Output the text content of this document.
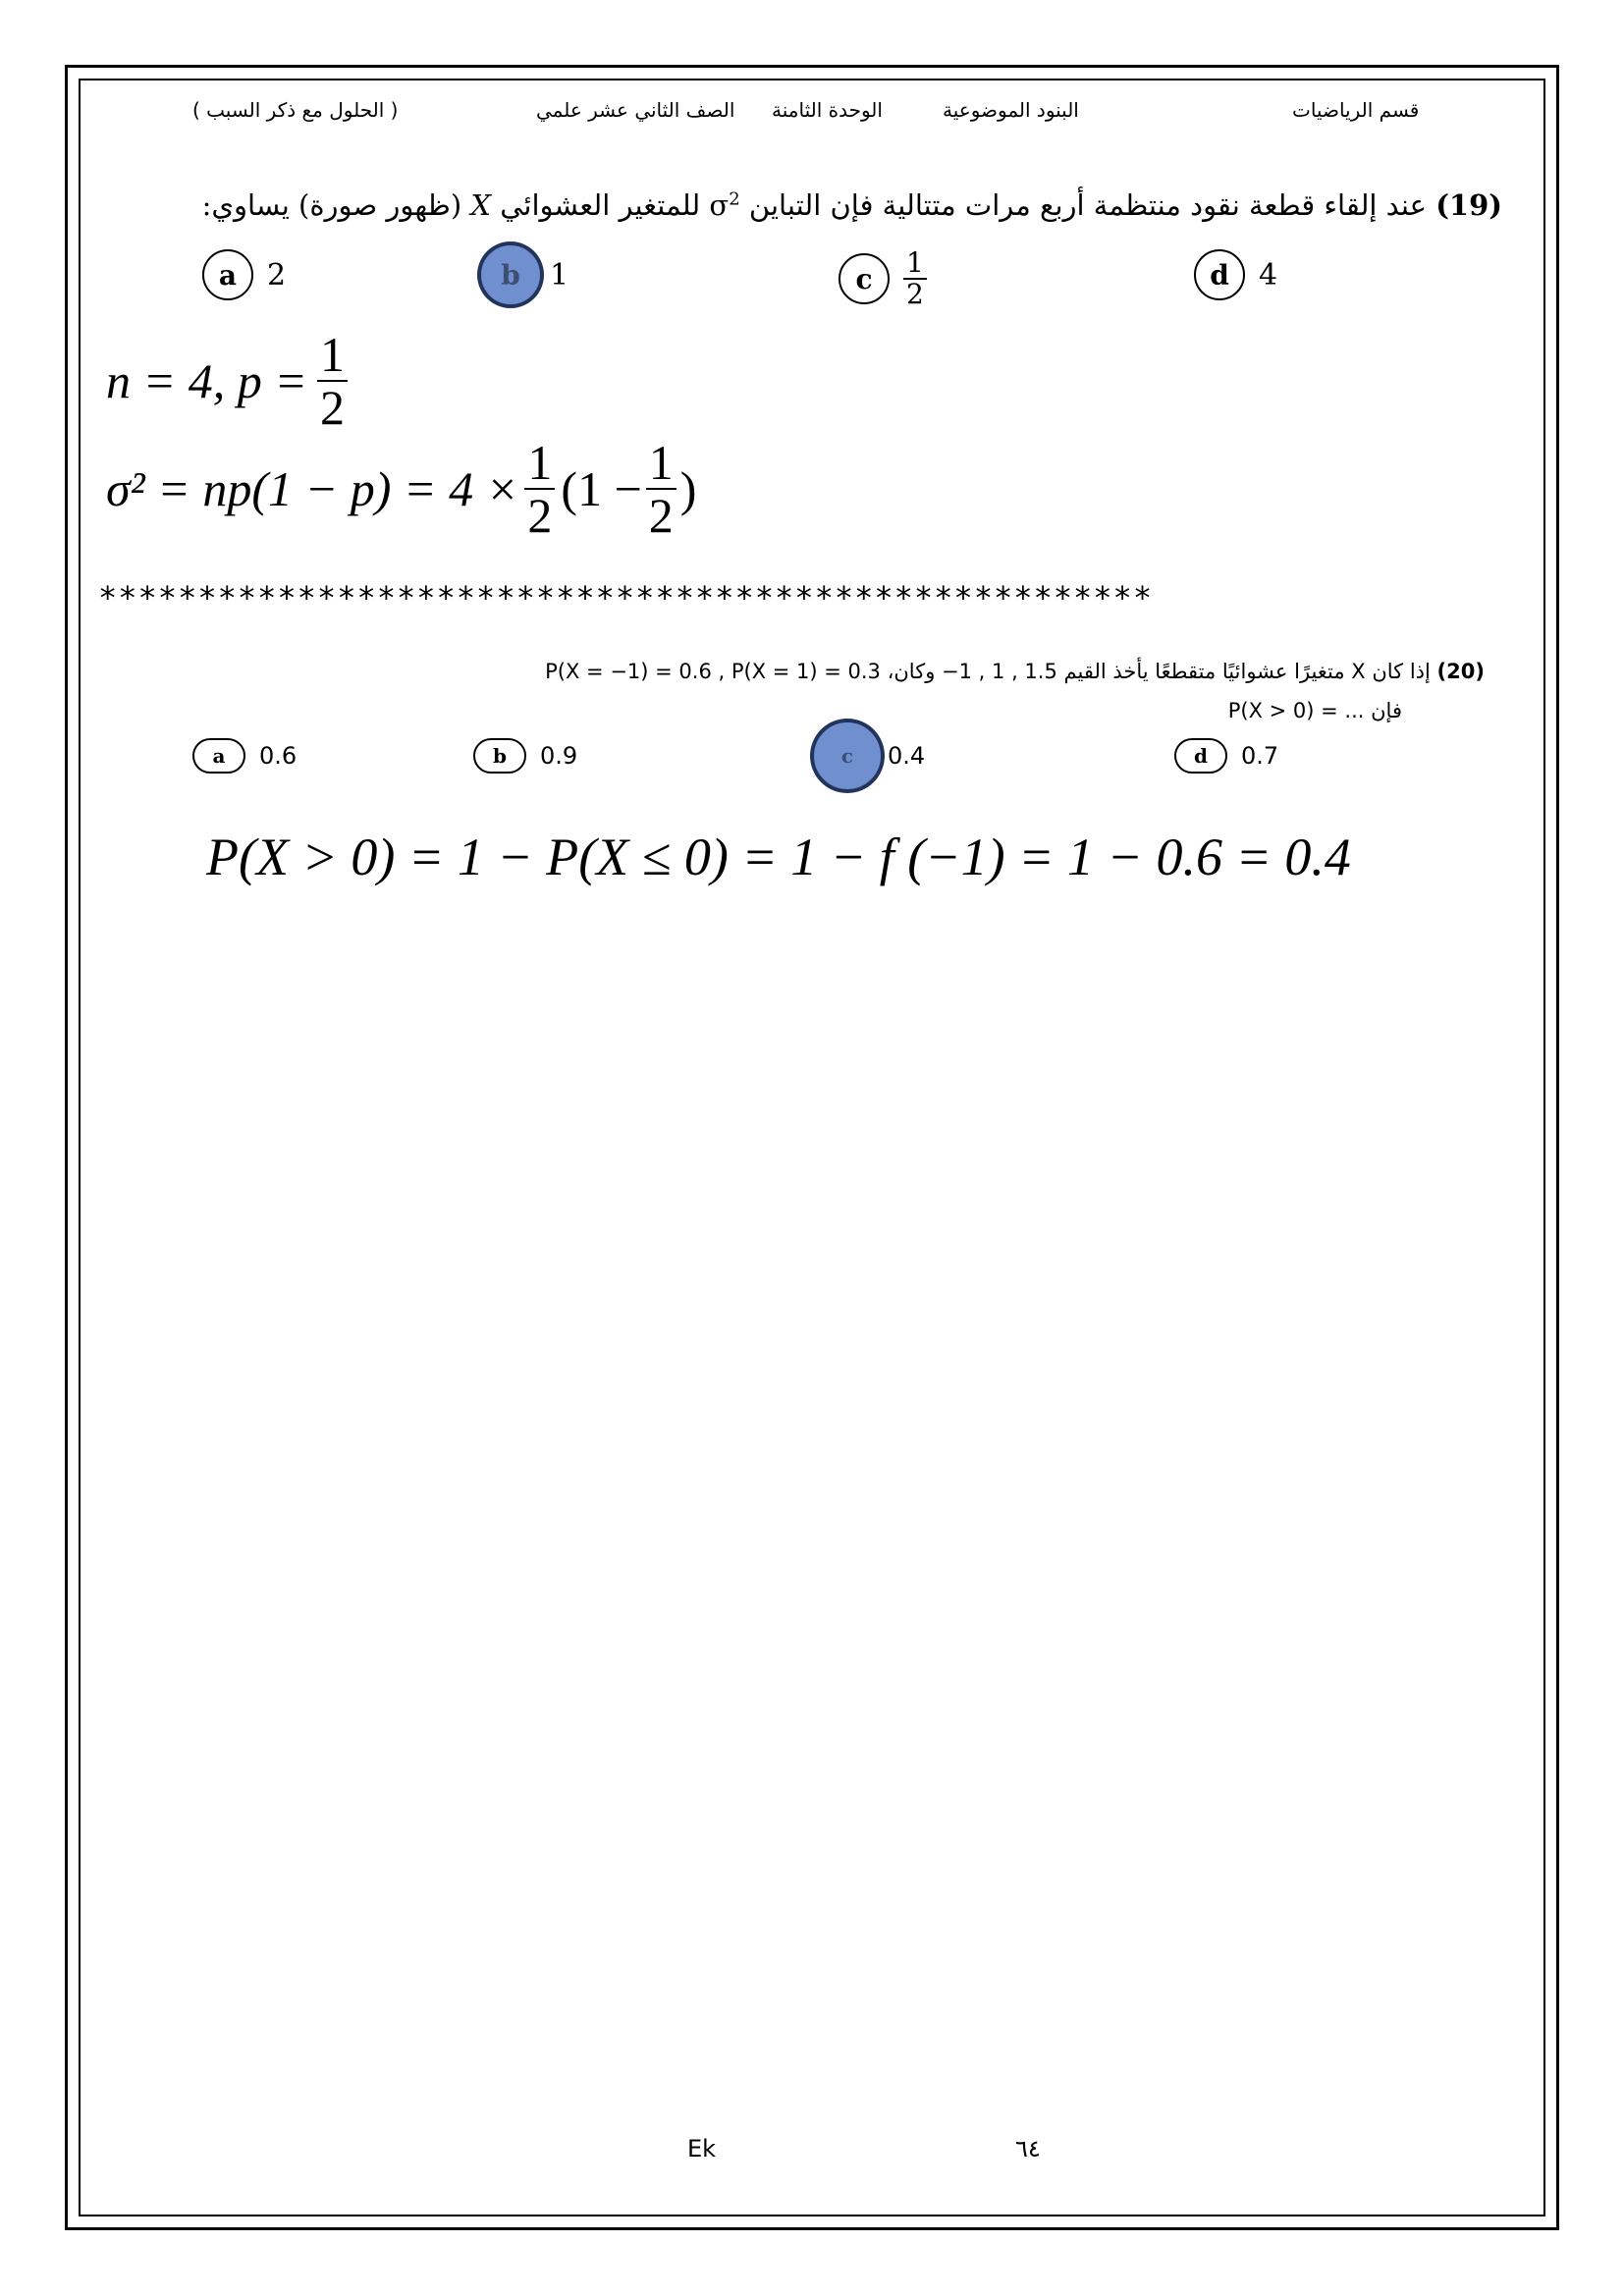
قسم الرياضيات
البنود الموضوعية
الوحدة الثامنة
الصف الثاني عشر علمي
( الحلول مع ذكر السبب )
(19) عند إلقاء قطعة نقود منتظمة أربع مرات متتالية فإن التباين $\sigma^2$ للمتغير العشوائي X (ظهور صورة) يساوي:
a	2	b	1	c	$\frac{1}{2}$	d	4
n = 4, $p = \frac{1}{2}$
$\sigma^2 = np(1 - p) = 4 \times \frac{1}{2} (1 - \frac{1}{2}$ )
*****************************************************
(20) إذا كان X متغيرًا عشوائيًا متقطعًا يأخذ القيم 1.5 , 1 , 1− وكان، P(X = −1) = 0.6 , P(X = 1) = 0.3
فإن ... = P(X > 0)
a	0.6	b	0.9	c	0.4	d	0.7
P(X > 0) = 1 − P(X ≤ 0) = 1 − f (−1) = 1 − 0.6 = 0.4
Ek	٦٤
